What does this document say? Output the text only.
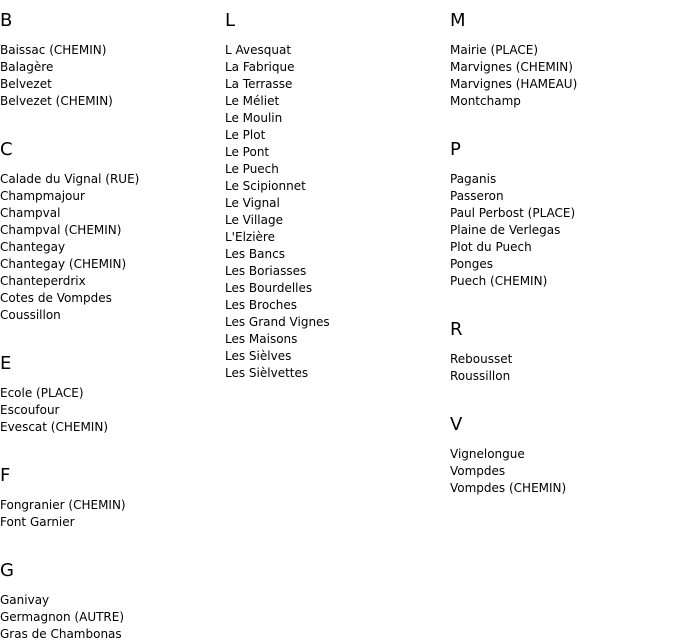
B
Baissac (CHEMIN)
Balagère
Belvezet
Belvezet (CHEMIN)
C
Calade du Vignal (RUE)
Champmajour
Champval
Champval (CHEMIN)
Chantegay
Chantegay (CHEMIN)
Chanteperdrix
Cotes de Vompdes
Coussillon
E
Ecole (PLACE)
Escoufour
Evescat (CHEMIN)
F
Fongranier (CHEMIN)
Font Garnier
G
Ganivay
Germagnon (AUTRE)
Gras de Chambonas
L
L Avesquat
La Fabrique
La Terrasse
Le Méliet
Le Moulin
Le Plot
Le Pont
Le Puech
Le Scipionnet
Le Vignal
Le Village
L'Elzière
Les Bancs
Les Boriasses
Les Bourdelles
Les Broches
Les Grand Vignes
Les Maisons
Les Sièlves
Les Sièlvettes
M
Mairie (PLACE)
Marvignes (CHEMIN)
Marvignes (HAMEAU)
Montchamp
P
Paganis
Passeron
Paul Perbost (PLACE)
Plaine de Verlegas
Plot du Puech
Ponges
Puech (CHEMIN)
R
Rebousset
Roussillon
V
Vignelongue
Vompdes
Vompdes (CHEMIN)
